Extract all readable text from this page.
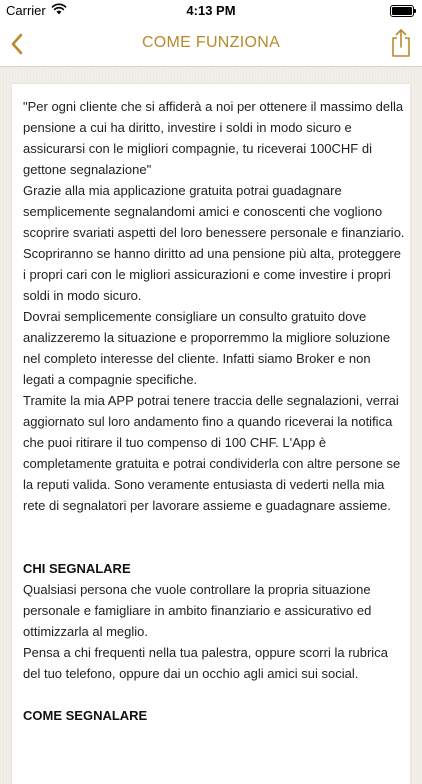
Carrier	4:13 PM
COME FUNZIONA

"Per ogni cliente che si affiderà a noi per ottenere il massimo della pensione a cui ha diritto, investire i soldi in modo sicuro e assicurarsi con le migliori compagnie, tu riceverai 100CHF di gettone segnalazione"

Grazie alla mia applicazione gratuita potrai guadagnare semplicemente segnalandomi amici e conoscenti che vogliono scoprire svariati aspetti del loro benessere personale e finanziario. Scopriranno se hanno diritto ad una pensione più alta, proteggere i propri cari con le migliori assicurazioni e come investire i propri soldi in modo sicuro.

Dovrai semplicemente consigliare un consulto gratuito dove analizzeremo la situazione e proporremmo la migliore soluzione nel completo interesse del cliente. Infatti siamo Broker e non legati a compagnie specifiche.

Tramite la mia APP potrai tenere traccia delle segnalazioni, verrai aggiornato sul loro andamento fino a quando riceverai la notifica che puoi ritirare il tuo compenso di 100 CHF. L'App è completamente gratuita e potrai condividerla con altre persone se la reputi valida. Sono veramente entusiasta di vederti nella mia rete di segnalatori per lavorare assieme e guadagnare assieme.

CHI SEGNALARE

Qualsiasi persona che vuole controllare la propria situazione personale e famigliare in ambito finanziario e assicurativo ed ottimizzarla al meglio.

Pensa a chi frequenti nella tua palestra, oppure scorri la rubrica del tuo telefono, oppure dai un occhio agli amici sui social.

COME SEGNALARE
